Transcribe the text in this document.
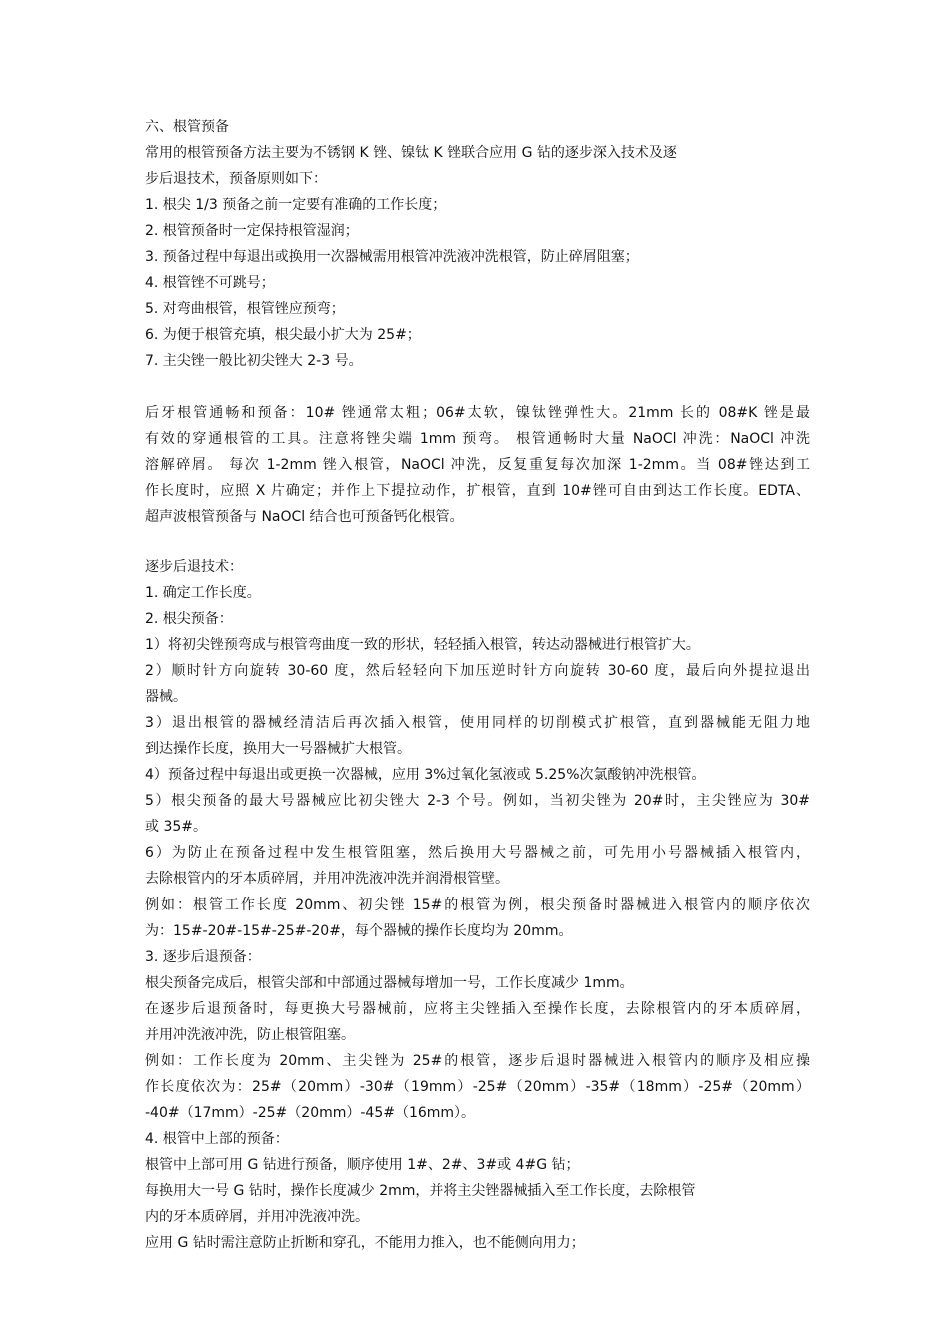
六、根管预备
常用的根管预备方法主要为不锈钢 K 锉、镍钛 K 锉联合应用 G 钻的逐步深入技术及逐
步后退技术，预备原则如下：
1. 根尖 1/3 预备之前一定要有准确的工作长度；
2. 根管预备时一定保持根管湿润；
3. 预备过程中每退出或换用一次器械需用根管冲洗液冲洗根管，防止碎屑阻塞；
4. 根管锉不可跳号；
5. 对弯曲根管，根管锉应预弯；
6. 为便于根管充填，根尖最小扩大为 25#；
7. 主尖锉一般比初尖锉大 2-3 号。
后牙根管通畅和预备：10# 锉通常太粗；06#太软，镍钛锉弹性大。21mm 长的 08#K 锉是最
有效的穿通根管的工具。注意将锉尖端 1mm 预弯。 根管通畅时大量 NaOCl 冲洗：NaOCl 冲洗
溶解碎屑。 每次 1-2mm 锉入根管，NaOCl 冲洗，反复重复每次加深 1-2mm。当 08#锉达到工
作长度时，应照 X 片确定；并作上下提拉动作，扩根管，直到 10#锉可自由到达工作长度。EDTA、
超声波根管预备与 NaOCl 结合也可预备钙化根管。
逐步后退技术：
1. 确定工作长度。
2. 根尖预备：
1）将初尖锉预弯成与根管弯曲度一致的形状，轻轻插入根管，转达动器械进行根管扩大。
2）顺时针方向旋转 30-60 度，然后轻轻向下加压逆时针方向旋转 30-60 度，最后向外提拉退出
器械。
3）退出根管的器械经清洁后再次插入根管，使用同样的切削模式扩根管，直到器械能无阻力地
到达操作长度，换用大一号器械扩大根管。
4）预备过程中每退出或更换一次器械，应用 3%过氧化氢液或 5.25%次氯酸钠冲洗根管。
5）根尖预备的最大号器械应比初尖锉大 2-3 个号。例如，当初尖锉为 20#时，主尖锉应为 30#
或 35#。
6）为防止在预备过程中发生根管阻塞，然后换用大号器械之前，可先用小号器械插入根管内，
去除根管内的牙本质碎屑，并用冲洗液冲洗并润滑根管壁。
例如：根管工作长度 20mm、初尖锉 15#的根管为例，根尖预备时器械进入根管内的顺序依次
为：15#-20#-15#-25#-20#，每个器械的操作长度均为 20mm。
3. 逐步后退预备：
根尖预备完成后，根管尖部和中部通过器械每增加一号，工作长度减少 1mm。
在逐步后退预备时，每更换大号器械前，应将主尖锉插入至操作长度，去除根管内的牙本质碎屑，
并用冲洗液冲洗，防止根管阻塞。
例如：工作长度为 20mm、主尖锉为 25#的根管，逐步后退时器械进入根管内的顺序及相应操
作长度依次为：25#（20mm）-30#（19mm）-25#（20mm）-35#（18mm）-25#（20mm）
-40#（17mm）-25#（20mm）-45#（16mm）。
4. 根管中上部的预备：
根管中上部可用 G 钻进行预备，顺序使用 1#、2#、3#或 4#G 钻；
每换用大一号 G 钻时，操作长度减少 2mm，并将主尖锉器械插入至工作长度，去除根管
内的牙本质碎屑，并用冲洗液冲洗。
应用 G 钻时需注意防止折断和穿孔，不能用力推入，也不能侧向用力；
